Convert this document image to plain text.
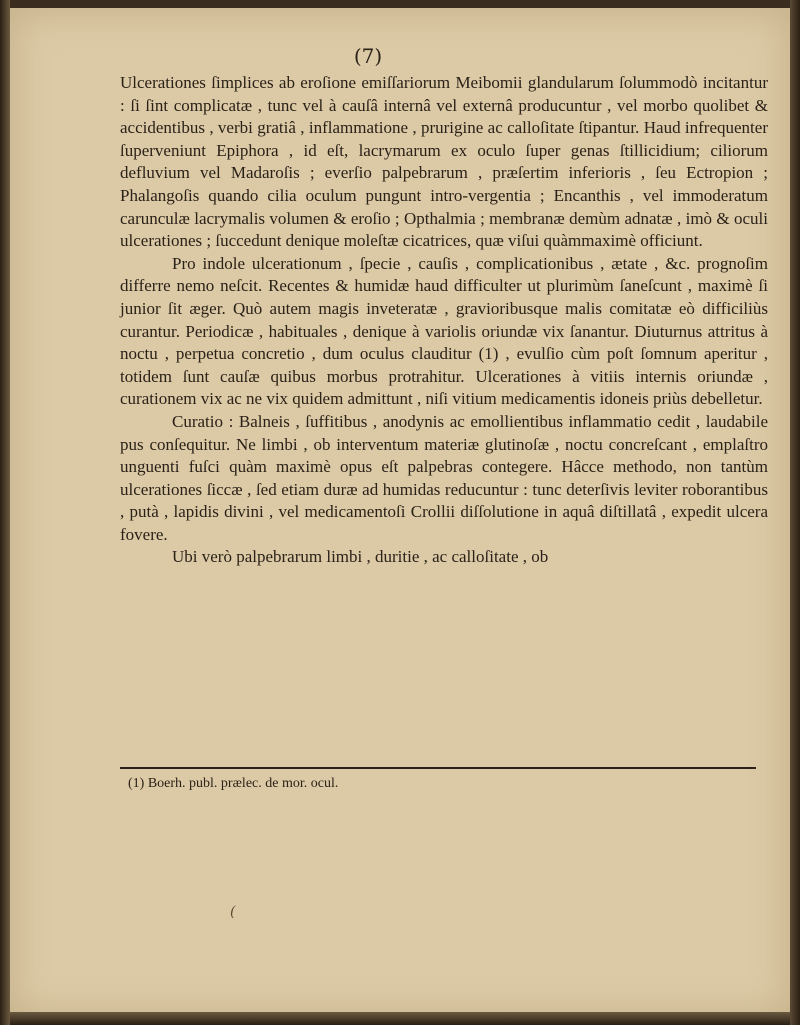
(7)

Ulcerationes ſimplices ab eroſione emiſſariorum Meibomii glandularum ſolummodò incitantur : ſi ſint complicatæ , tunc vel à cauſâ internâ vel externâ producuntur , vel morbo quolibet & accidentibus , verbi gratiâ , inflammatione , prurigine ac calloſitate ſtipantur. Haud infrequenter ſuperveniunt Epiphora , id eſt, lacrymarum ex oculo ſuper genas ſtillicidium; ciliorum defluvium vel Madaroſis ; everſio palpebrarum , præſertim inferioris , ſeu Ectropion ; Phalangoſis quando cilia oculum pungunt intro-vergentia ; Encanthis , vel immoderatum carunculæ lacrymalis volumen & eroſio ; Opthalmia ; membranæ demùm adnatæ , imò & oculi ulcerationes ; ſuccedunt denique moleſtæ cicatrices, quæ viſui quàmmaximè officiunt.

Pro indole ulcerationum , ſpecie , cauſis , complicationibus , ætate , &c. prognoſim differre nemo neſcit. Recentes & humidæ haud difficulter ut plurimùm ſaneſcunt , maximè ſi junior ſit æger. Quò autem magis inveteratæ , gravioribusque malis comitatæ eò difficiliùs curantur. Periodicæ , habituales , denique à variolis oriundæ vix ſanantur. Diuturnus attritus à noctu , perpetua concretio , dum oculus clauditur (1) , evulſio cùm poſt ſomnum aperitur , totidem ſunt cauſæ quibus morbus protrahitur. Ulcerationes à vitiis internis oriundæ , curationem vix ac ne vix quidem admittunt , niſi vitium medicamentis idoneis priùs debelletur.

Curatio : Balneis , ſuffitibus , anodynis ac emollientibus inflammatio cedit , laudabile pus conſequitur. Ne limbi , ob interventum materiæ glutinoſæ , noctu concreſcant , emplaſtro unguenti fuſci quàm maximè opus eſt palpebras contegere. Hâcce methodo, non tantùm ulcerationes ſiccæ , ſed etiam duræ ad humidas reducuntur : tunc deterſivis leviter roborantibus , putà , lapidis divini , vel medicamentoſi Crollii diſſolutione in aquâ diſtillatâ , expedit ulcera fovere.

Ubi verò palpebrarum limbi , duritie , ac calloſitate , ob

(1) Boerh. publ. prælec. de mor. ocul.
(
